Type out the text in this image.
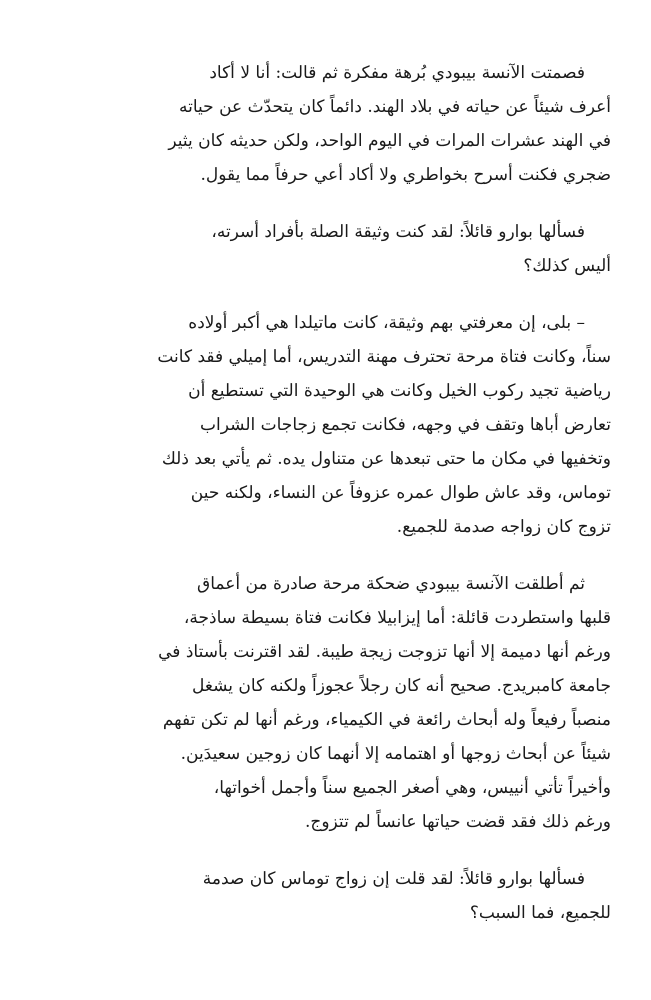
فصمتت الآنسة بيبودي بُرهة مفكرة ثم قالت: أنا لا أكاد
أعرف شيئاً عن حياته في بلاد الهند. دائماً كان يتحدّث عن حياته
في الهند عشرات المرات في اليوم الواحد، ولكن حديثه كان يثير
ضجري فكنت أسرح بخواطري ولا أكاد أعي حرفاً مما يقول.

فسألها بوارو قائلاً: لقد كنت وثيقة الصلة بأفراد أسرته،
أليس كذلك؟

– بلى، إن معرفتي بهم وثيقة، كانت ماتيلدا هي أكبر أولاده
سناً، وكانت فتاة مرحة تحترف مهنة التدريس، أما إميلي فقد كانت
رياضية تجيد ركوب الخيل وكانت هي الوحيدة التي تستطيع أن
تعارض أباها وتقف في وجهه، فكانت تجمع زجاجات الشراب
وتخفيها في مكان ما حتى تبعدها عن متناول يده. ثم يأتي بعد ذلك
توماس، وقد عاش طوال عمره عزوفاً عن النساء، ولكنه حين
تزوج كان زواجه صدمة للجميع.

ثم أطلقت الآنسة بيبودي ضحكة مرحة صادرة من أعماق
قلبها واستطردت قائلة: أما إيزابيلا فكانت فتاة بسيطة ساذجة،
ورغم أنها دميمة إلا أنها تزوجت زيجة طيبة. لقد اقترنت بأستاذ في
جامعة كامبريدج. صحيح أنه كان رجلاً عجوزاً ولكنه كان يشغل
منصباً رفيعاً وله أبحاث رائعة في الكيمياء، ورغم أنها لم تكن تفهم
شيئاً عن أبحاث زوجها أو اهتمامه إلا أنهما كان زوجين سعيدَين.
وأخيراً تأتي أنييس، وهي أصغر الجميع سناً وأجمل أخواتها،
ورغم ذلك فقد قضت حياتها عانساً لم تتزوج.

فسألها بوارو قائلاً: لقد قلت إن زواج توماس كان صدمة
للجميع، فما السبب؟
